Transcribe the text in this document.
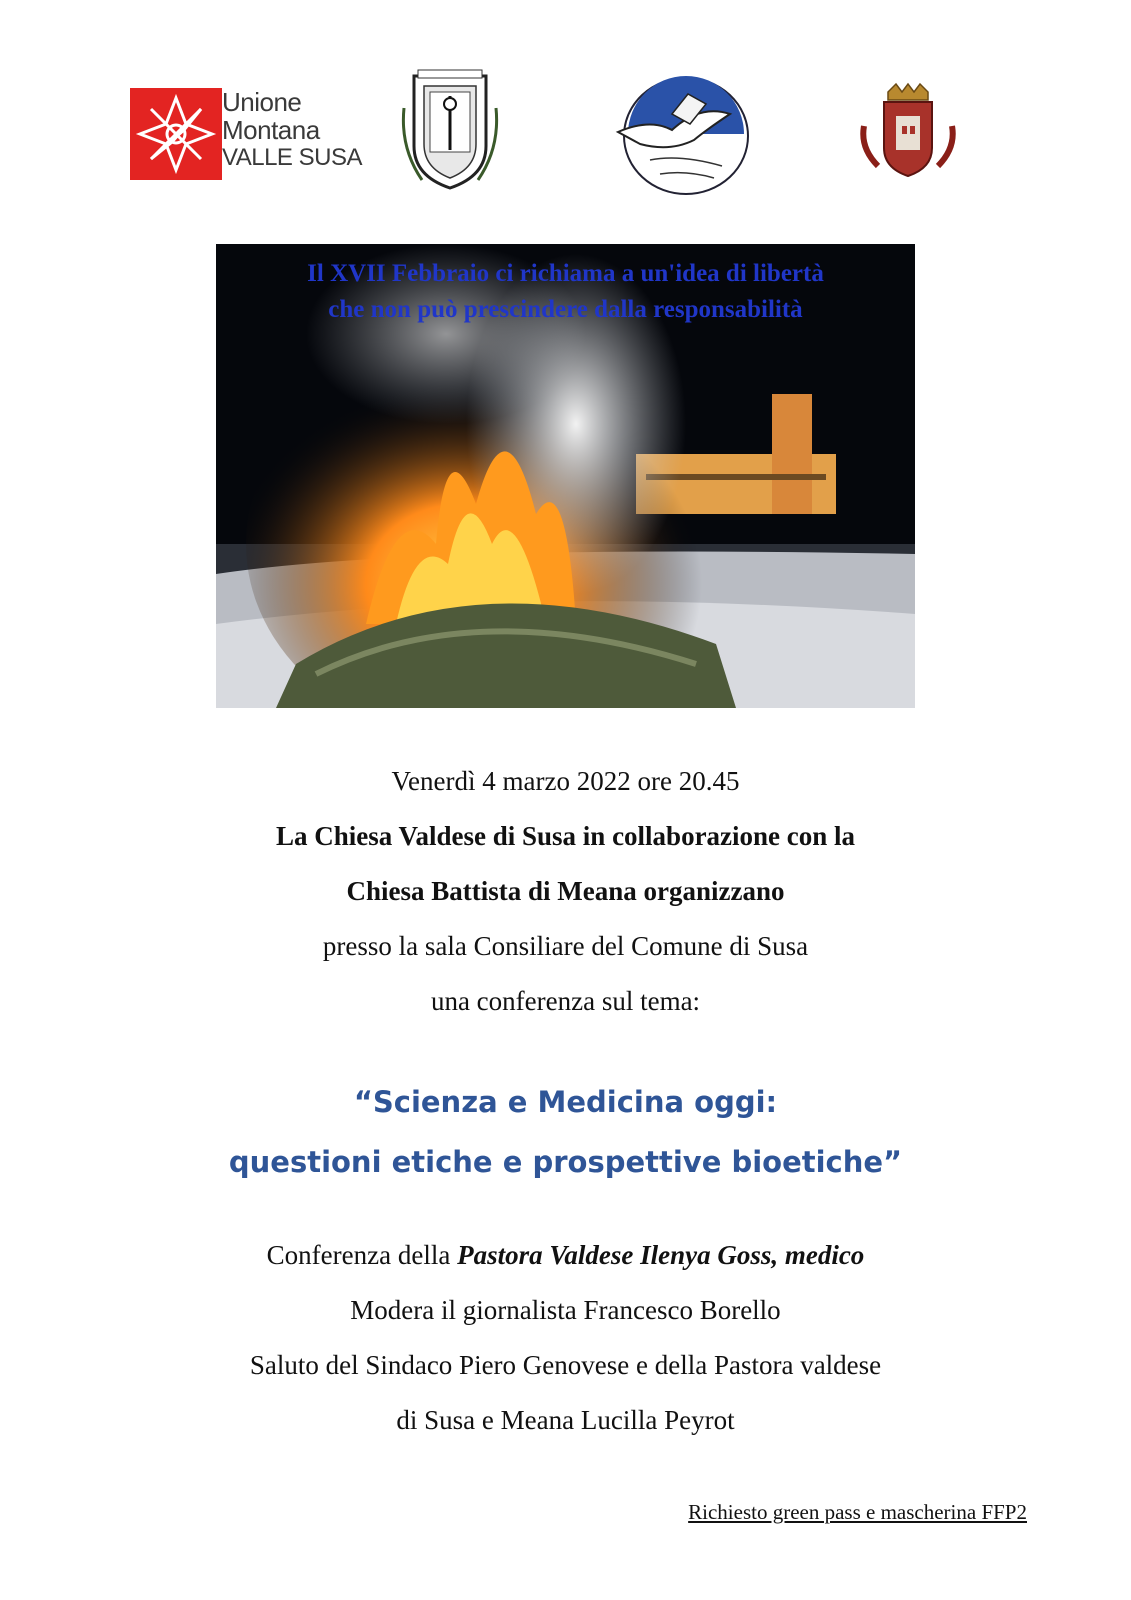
Unione
Montana
VALLE SUSA
Il XVII Febbraio ci richiama a un'idea di libertà
che non può prescindere dalla responsabilità
Venerdì 4 marzo 2022 ore 20.45
La Chiesa Valdese di Susa in collaborazione con la
Chiesa Battista di Meana organizzano
presso la sala Consiliare del Comune di Susa
una conferenza sul tema:
“Scienza e Medicina oggi:
questioni etiche e prospettive bioetiche”
Conferenza della Pastora Valdese Ilenya Goss, medico
Modera il giornalista Francesco Borello
Saluto del Sindaco Piero Genovese e della Pastora valdese
di Susa e Meana Lucilla Peyrot
Richiesto green pass e mascherina FFP2
